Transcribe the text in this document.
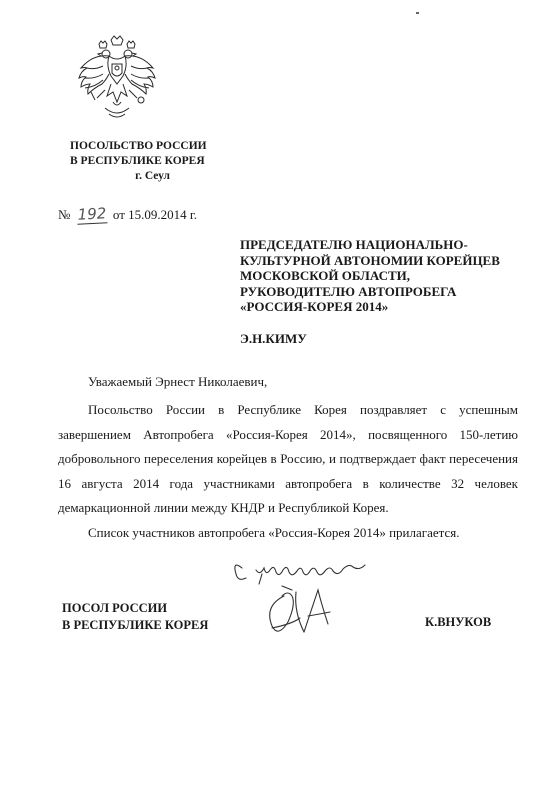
ПОСОЛЬСТВО РОССИИ
В РЕСПУБЛИКЕ КОРЕЯ
г. Сеул
№ 192 от 15.09.2014 г.
ПРЕДСЕДАТЕЛЮ НАЦИОНАЛЬНО-
КУЛЬТУРНОЙ АВТОНОМИИ КОРЕЙЦЕВ
МОСКОВСКОЙ ОБЛАСТИ,
РУКОВОДИТЕЛЮ АВТОПРОБЕГА
«РОССИЯ-КОРЕЯ 2014»
Э.Н.КИМУ
Уважаемый Эрнест Николаевич,

Посольство России в Республике Корея поздравляет с успешным завершением Автопробега «Россия-Корея 2014», посвященного 150-летию добровольного переселения корейцев в Россию, и подтверждает факт пересечения 16 августа 2014 года участниками автопробега в количестве 32 человек демаркационной линии между КНДР и Республикой Корея.

Список участников автопробега «Россия-Корея 2014» прилагается.

ПОСОЛ РОССИИ
В РЕСПУБЛИКЕ КОРЕЯ	К.ВНУКОВ
